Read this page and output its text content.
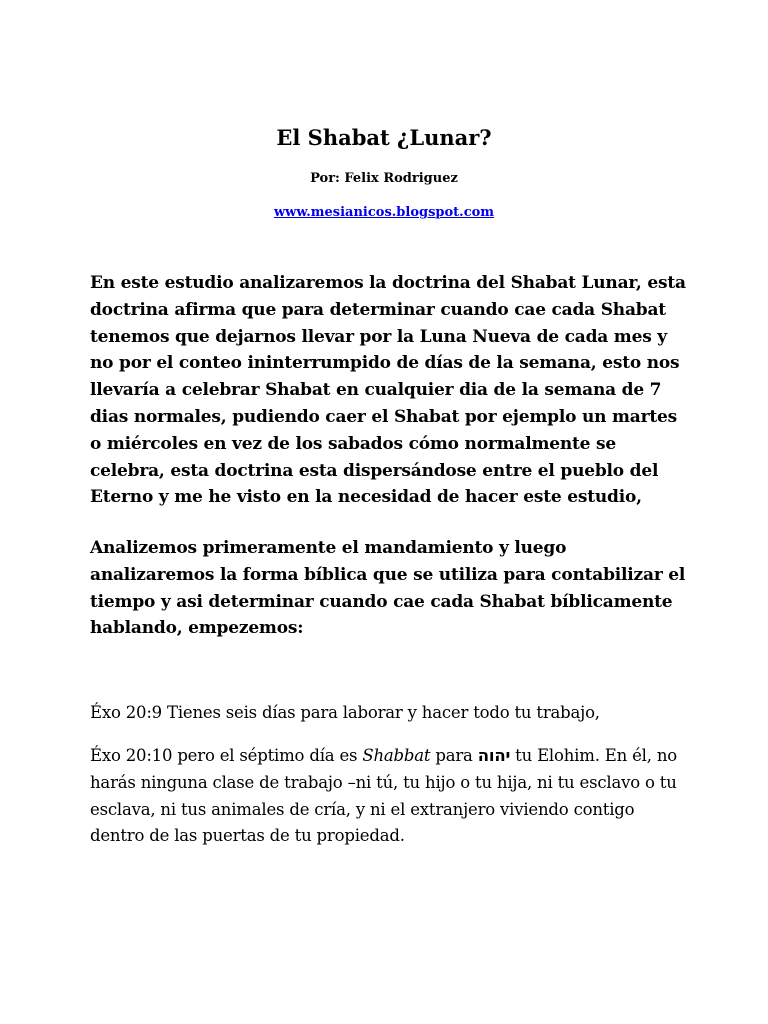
El Shabat ¿Lunar?

Por: Felix Rodriguez

www.mesianicos.blogspot.com

En este estudio analizaremos la doctrina del Shabat Lunar, esta doctrina afirma que para determinar cuando cae cada Shabat tenemos que dejarnos llevar por la Luna Nueva de cada mes y no por el conteo ininterrumpido de días de la semana, esto nos llevaría a celebrar Shabat en cualquier dia de la semana de 7 dias normales, pudiendo caer el Shabat por ejemplo un martes o miércoles en vez de los sabados cómo normalmente se celebra, esta doctrina esta dispersándose entre el pueblo del Eterno y me he visto en la necesidad de hacer este estudio,

Analizemos primeramente el mandamiento y luego analizaremos la forma bíblica que se utiliza para contabilizar el tiempo y asi determinar cuando cae cada Shabat bíblicamente hablando, empezemos:

Éxo 20:9 Tienes seis días para laborar y hacer todo tu trabajo,

Éxo 20:10 pero el séptimo día es Shabbat para יהוה tu Elohim. En él, no harás ninguna clase de trabajo –ni tú, tu hijo o tu hija, ni tu esclavo o tu esclava, ni tus animales de cría, y ni el extranjero viviendo contigo dentro de las puertas de tu propiedad.
